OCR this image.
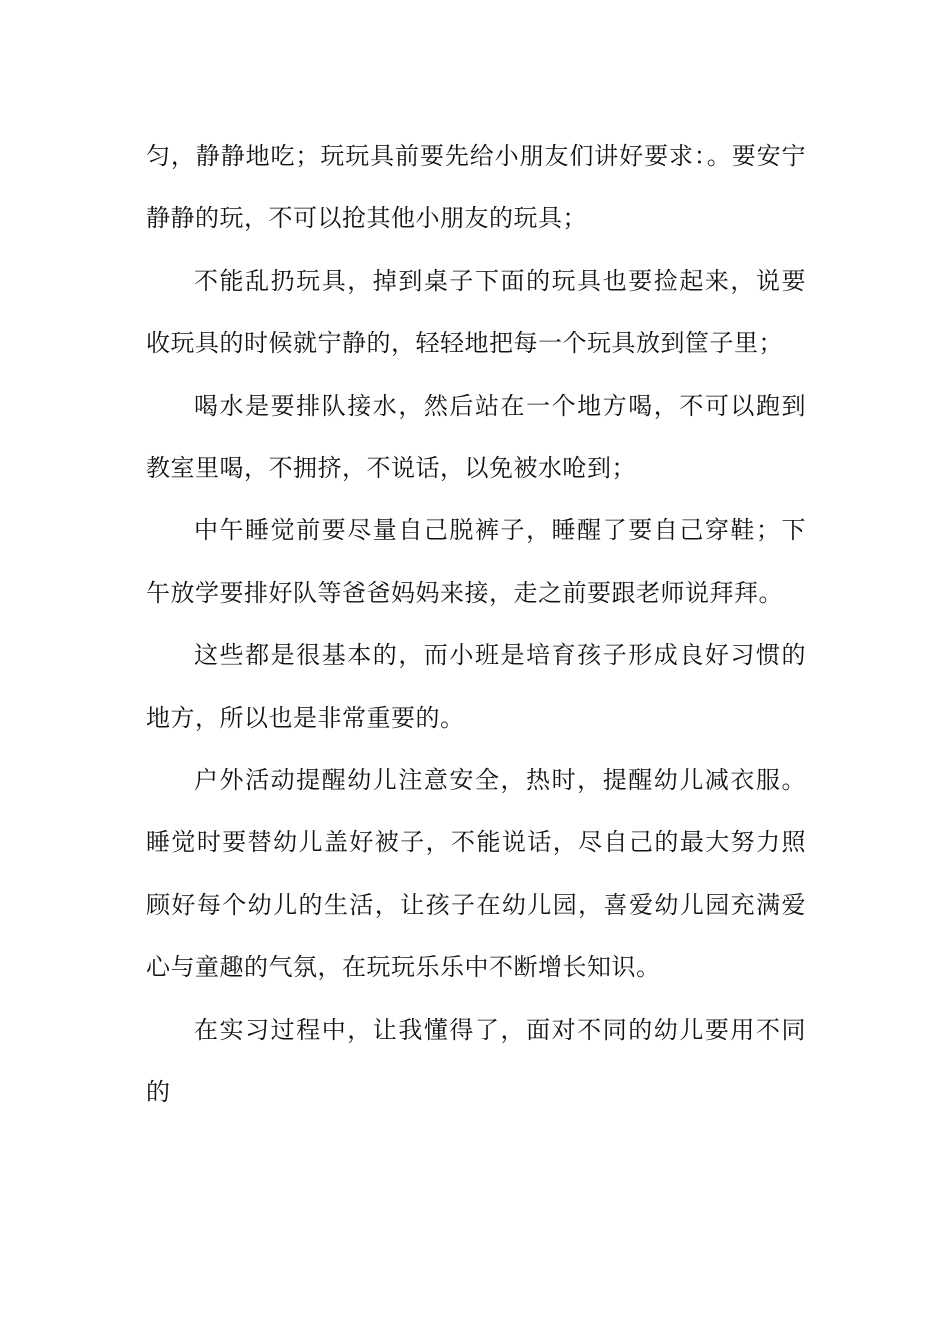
匀，静静地吃；玩玩具前要先给小朋友们讲好要求：。要安宁静静的玩，不可以抢其他小朋友的玩具；

不能乱扔玩具，掉到桌子下面的玩具也要捡起来，说要收玩具的时候就宁静的，轻轻地把每一个玩具放到筐子里；

喝水是要排队接水，然后站在一个地方喝，不可以跑到教室里喝，不拥挤，不说话，以免被水呛到；

中午睡觉前要尽量自己脱裤子，睡醒了要自己穿鞋；下午放学要排好队等爸爸妈妈来接，走之前要跟老师说拜拜。

这些都是很基本的，而小班是培育孩子形成良好习惯的地方，所以也是非常重要的。

户外活动提醒幼儿注意安全，热时，提醒幼儿减衣服。睡觉时要替幼儿盖好被子，不能说话，尽自己的最大努力照顾好每个幼儿的生活，让孩子在幼儿园，喜爱幼儿园充满爱心与童趣的气氛，在玩玩乐乐中不断增长知识。

在实习过程中，让我懂得了，面对不同的幼儿要用不同的
